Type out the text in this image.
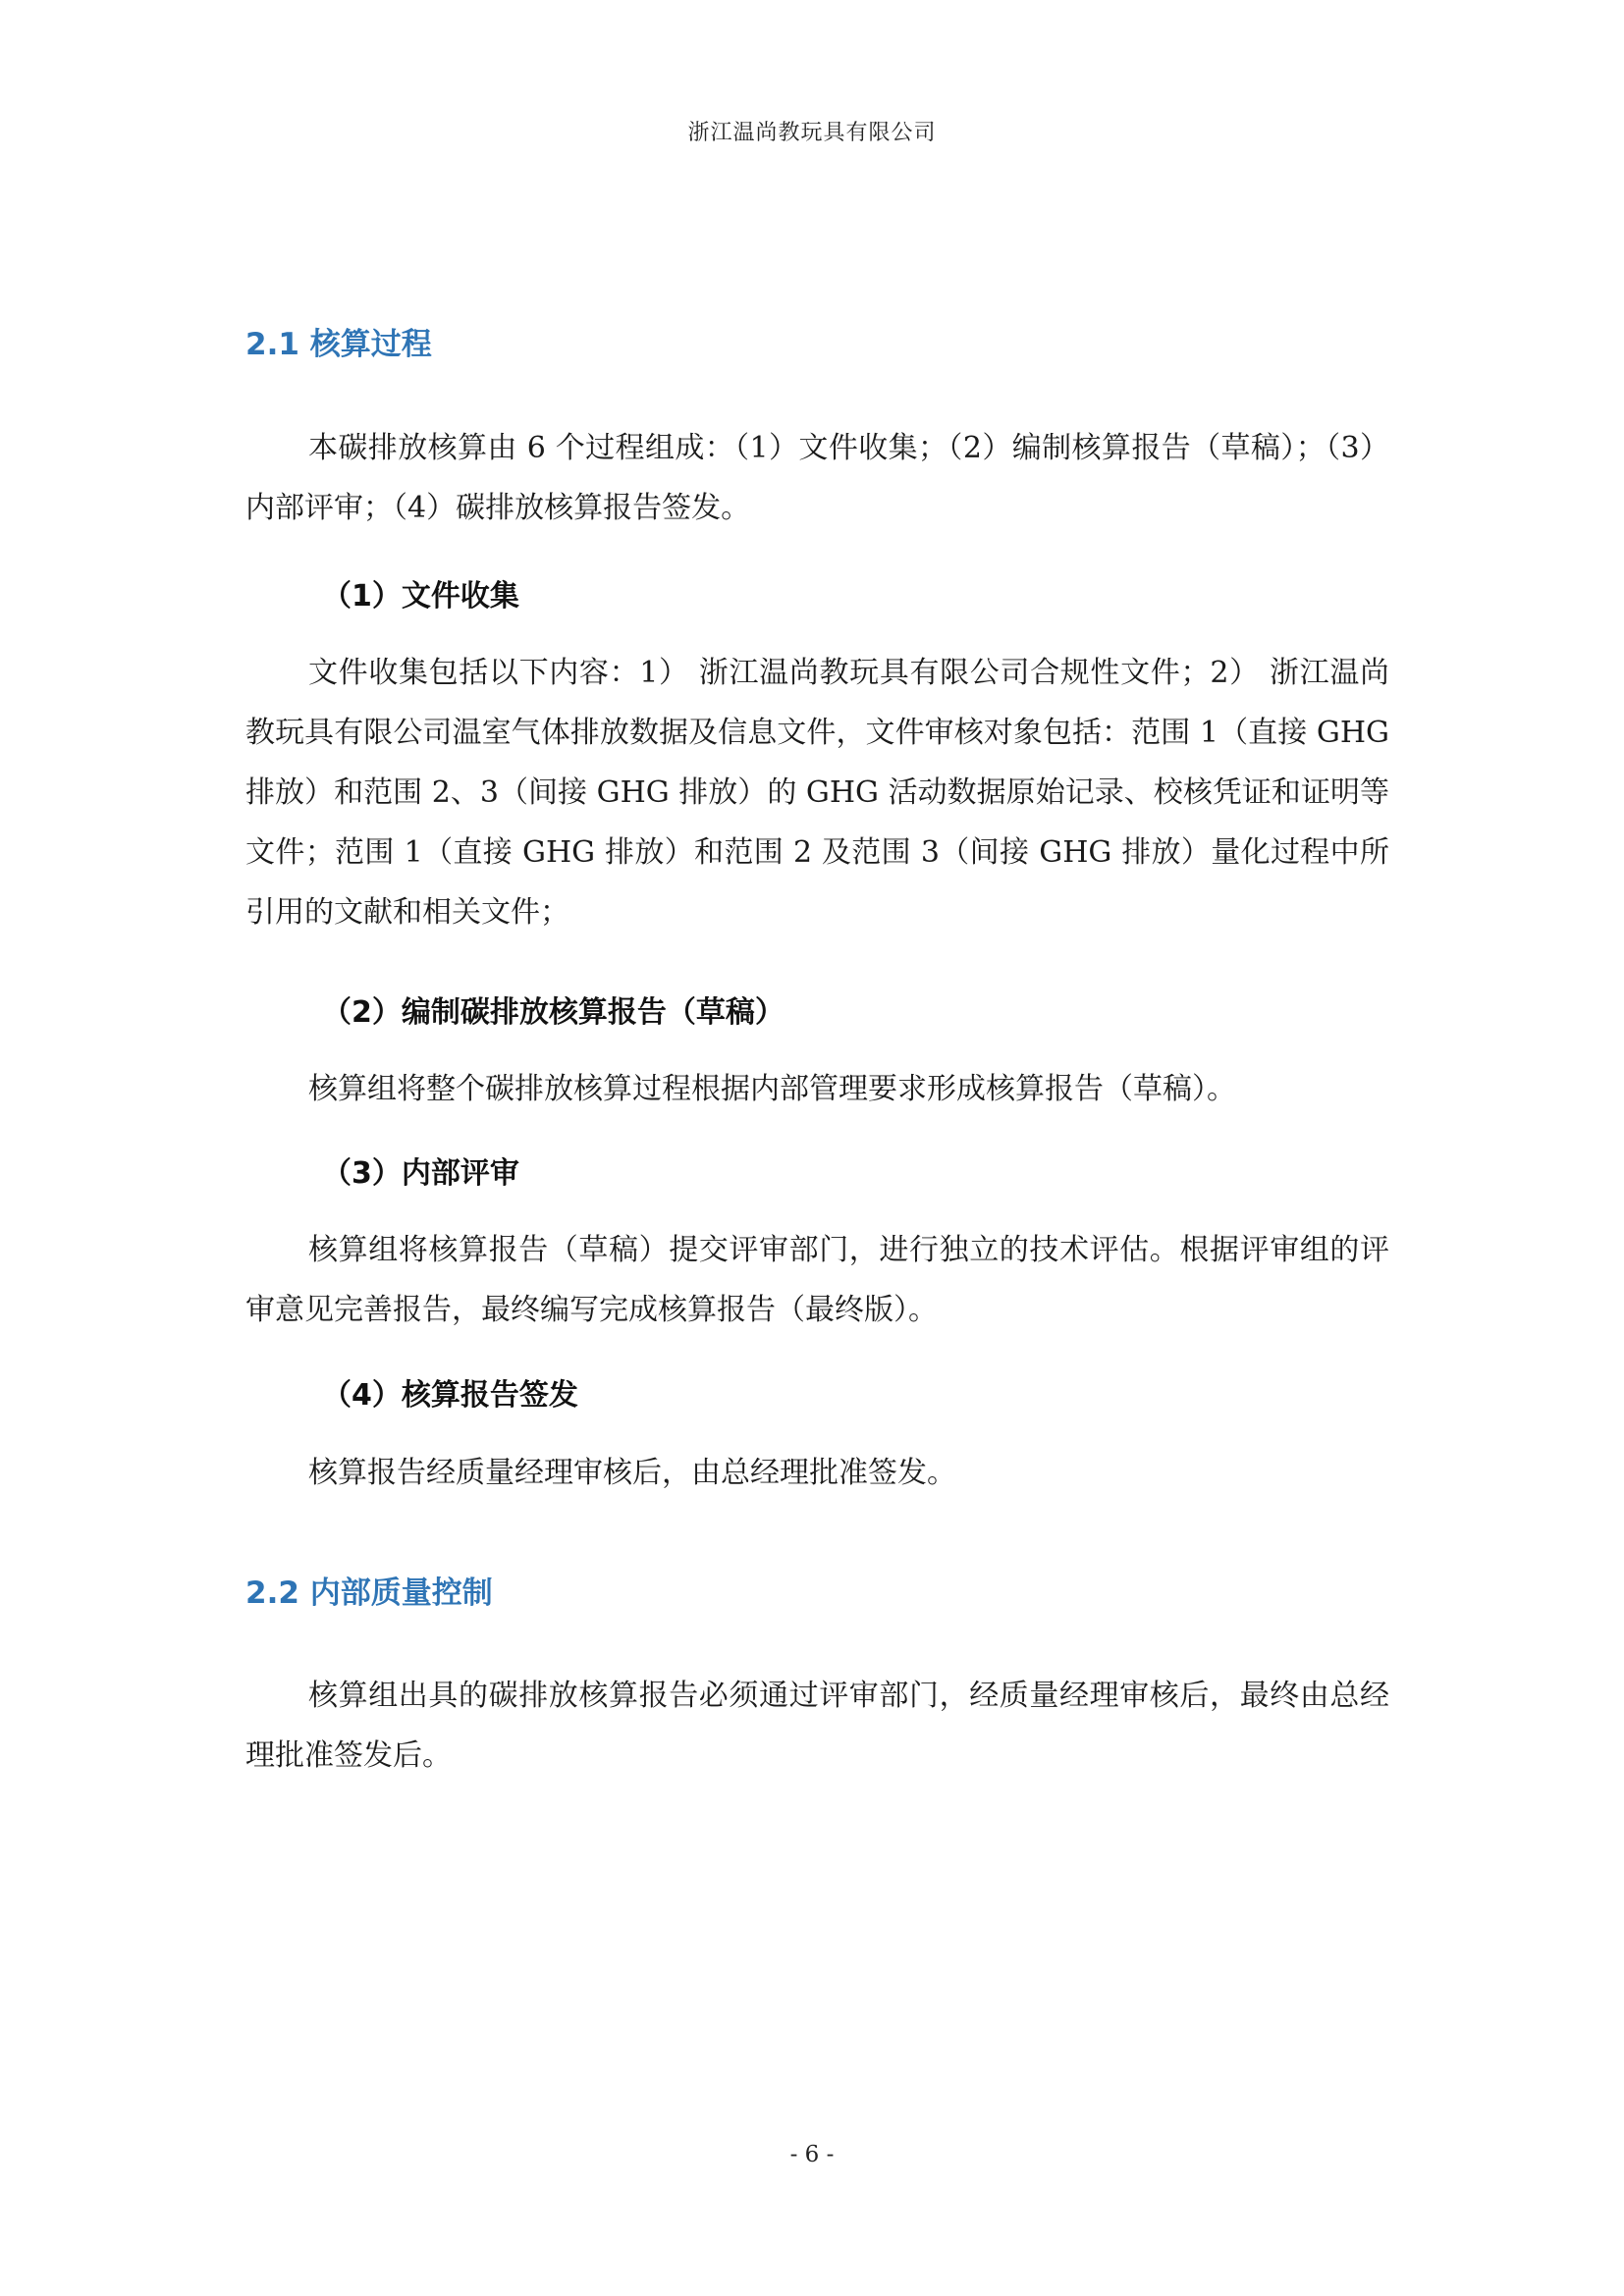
浙江温尚教玩具有限公司
2.1 核算过程

本碳排放核算由 6 个过程组成：（1）文件收集；（2）编制核算报告（草稿）；（3）内部评审；（4）碳排放核算报告签发。

（1）文件收集

文件收集包括以下内容：1） 浙江温尚教玩具有限公司合规性文件；2） 浙江温尚教玩具有限公司温室气体排放数据及信息文件，文件审核对象包括：范围 1（直接 GHG 排放）和范围 2、3（间接 GHG 排放）的 GHG 活动数据原始记录、校核凭证和证明等文件；范围 1（直接 GHG 排放）和范围 2 及范围 3（间接 GHG 排放）量化过程中所引用的文献和相关文件；

（2）编制碳排放核算报告（草稿）

核算组将整个碳排放核算过程根据内部管理要求形成核算报告（草稿）。

（3）内部评审

核算组将核算报告（草稿）提交评审部门，进行独立的技术评估。根据评审组的评审意见完善报告，最终编写完成核算报告（最终版）。

（4）核算报告签发

核算报告经质量经理审核后，由总经理批准签发。

2.2 内部质量控制

核算组出具的碳排放核算报告必须通过评审部门，经质量经理审核后，最终由总经理批准签发后。

- 6 -
